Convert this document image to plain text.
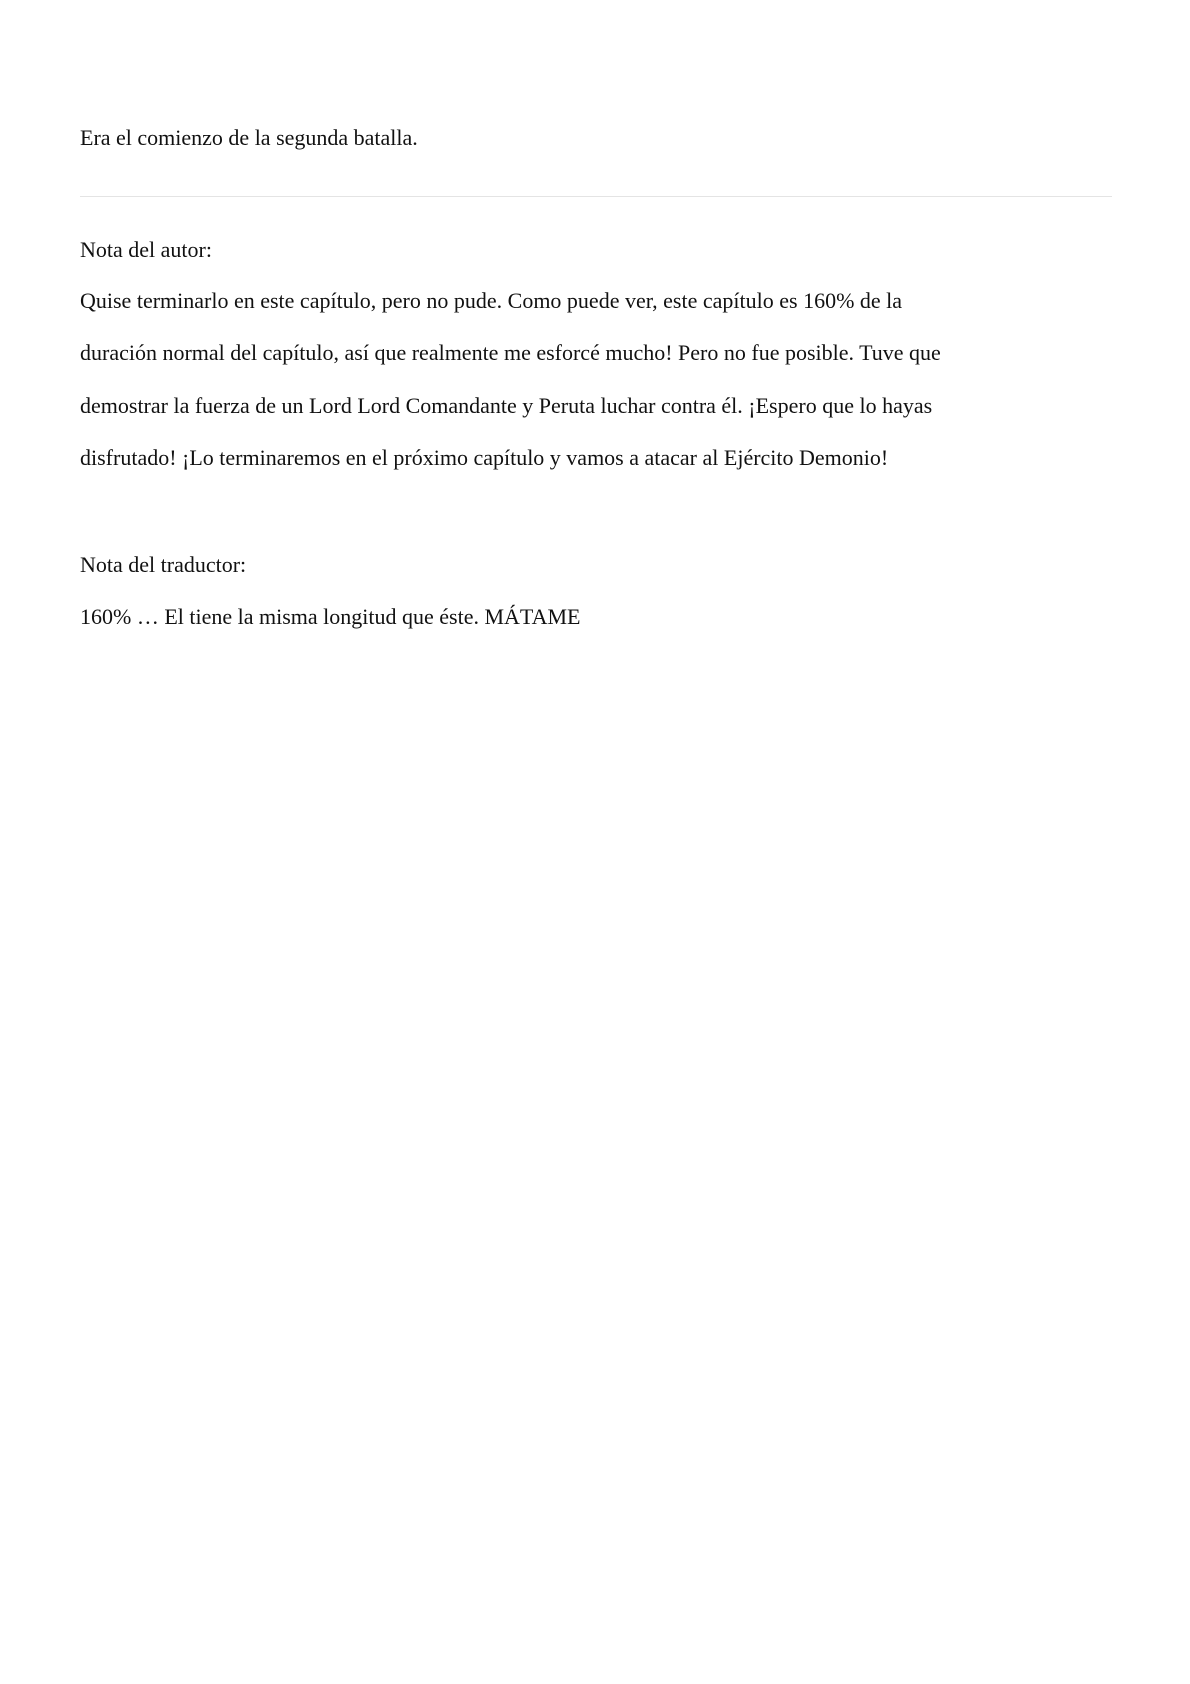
Era el comienzo de la segunda batalla.

Nota del autor:

Quise terminarlo en este capítulo, pero no pude. Como puede ver, este capítulo es 160% de la

duración normal del capítulo, así que realmente me esforcé mucho! Pero no fue posible. Tuve que

demostrar la fuerza de un Lord Lord Comandante y Peruta luchar contra él. ¡Espero que lo hayas

disfrutado! ¡Lo terminaremos en el próximo capítulo y vamos a atacar al Ejército Demonio!

Nota del traductor:

160% … El tiene la misma longitud que éste. MÁTAME
